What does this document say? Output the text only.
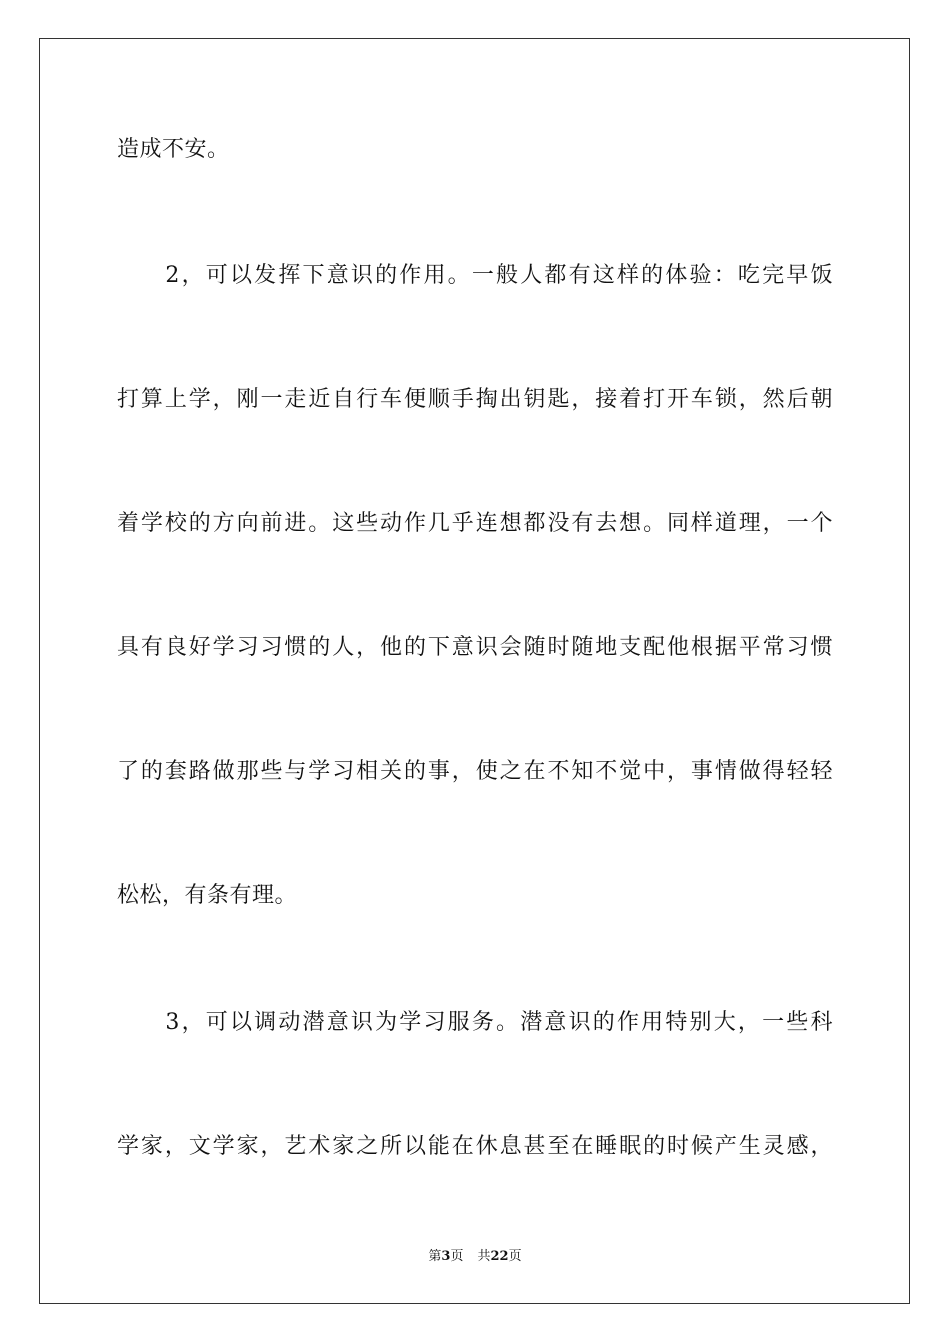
造成不安。
　　2，可以发挥下意识的作用。一般人都有这样的体验：吃完早饭
打算上学，刚一走近自行车便顺手掏出钥匙，接着打开车锁，然后朝
着学校的方向前进。这些动作几乎连想都没有去想。同样道理，一个
具有良好学习习惯的人，他的下意识会随时随地支配他根据平常习惯
了的套路做那些与学习相关的事，使之在不知不觉中，事情做得轻轻
松松，有条有理。
　　3，可以调动潜意识为学习服务。潜意识的作用特别大，一些科
学家，文学家，艺术家之所以能在休息甚至在睡眠的时候产生灵感，
第3页 共22页
